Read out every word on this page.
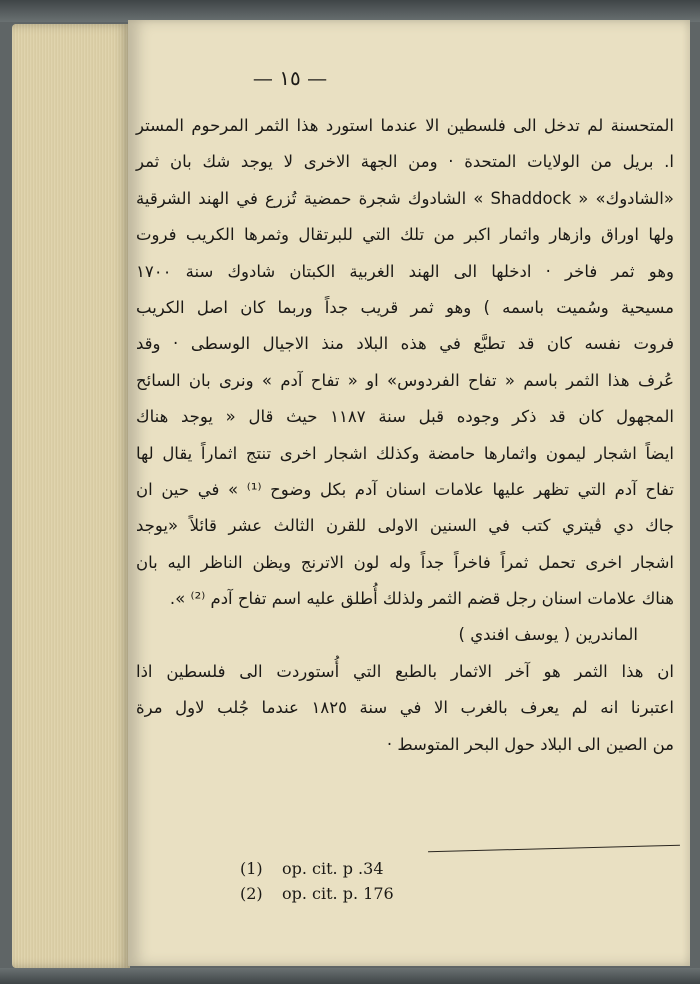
— ١٥ —
المتحسنة لم تدخل الى فلسطين الا عندما استورد هذا الثمر المرحوم المستر
ا. بريل من الولايات المتحدة · ومن الجهة الاخرى لا يوجد شك بان ثمر
«الشادوك» « Shaddock » الشادوك شجرة حمضية تُزرع في الهند الشرقية
ولها اوراق وازهار واثمار اكبر من تلك التي للبرتقال وثمرها الكريب فروت
وهو ثمر فاخر · ادخلها الى الهند الغربية الكبتان شادوك سنة ١٧٠٠
مسيحية وسُميت باسمه ) وهو ثمر قريب جداً وربما كان اصل الكريب
فروت نفسه كان قد تطبَّع في هذه البلاد منذ الاجيال الوسطى · وقد
عُرف هذا الثمر باسم « تفاح الفردوس» او « تفاح آدم » ونرى بان السائح
المجهول كان قد ذكر وجوده قبل سنة ١١٨٧ حيث قال « يوجد هناك
ايضاً اشجار ليمون واثمارها حامضة وكذلك اشجار اخرى تنتج اثماراً يقال لها
تفاح آدم التي تظهر عليها علامات اسنان آدم بكل وضوح ⁽¹⁾ » في حين ان
جاك دي ڤيتري كتب في السنين الاولى للقرن الثالث عشر قائلاً «يوجد
اشجار اخرى تحمل ثمراً فاخراً جداً وله لون الاترنج ويظن الناظر اليه بان
هناك علامات اسنان رجل قضم الثمر ولذلك أُطلق عليه اسم تفاح آدم ⁽²⁾ ».
الماندرين ( يوسف افندي )
ان هذا الثمر هو آخر الاثمار بالطبع التي أُستوردت الى فلسطين اذا
اعتبرنا انه لم يعرف بالغرب الا في سنة ١٨٢٥ عندما جُلب لاول مرة
من الصين الى البلاد حول البحر المتوسط ·
(1) op. cit. p .34
(2) op. cit. p. 176
